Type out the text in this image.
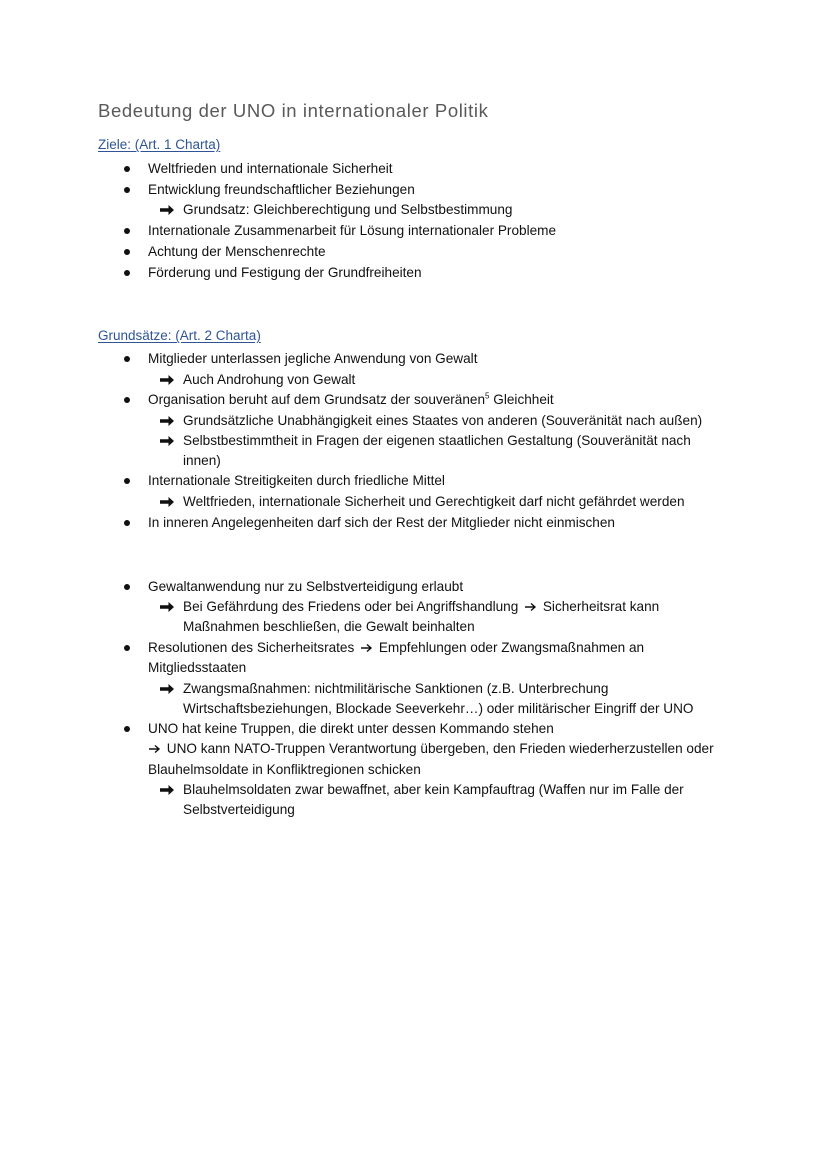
Bedeutung der UNO in internationaler Politik
Ziele: (Art. 1 Charta)

Weltfrieden und internationale Sicherheit

Entwicklung freundschaftlicher Beziehungen

Grundsatz: Gleichberechtigung und Selbstbestimmung

Internationale Zusammenarbeit für Lösung internationaler Probleme

Achtung der Menschenrechte

Förderung und Festigung der Grundfreiheiten

Grundsätze: (Art. 2 Charta)

Mitglieder unterlassen jegliche Anwendung von Gewalt

Auch Androhung von Gewalt

Organisation beruht auf dem Grundsatz der souveränen$^5$ Gleichheit

Grundsätzliche Unabhängigkeit eines Staates von anderen (Souveränität nach außen)

Selbstbestimmtheit in Fragen der eigenen staatlichen Gestaltung (Souveränität nach

innen)

Internationale Streitigkeiten durch friedliche Mittel

Weltfrieden, internationale Sicherheit und Gerechtigkeit darf nicht gefährdet werden

In inneren Angelegenheiten darf sich der Rest der Mitglieder nicht einmischen

Gewaltanwendung nur zu Selbstverteidigung erlaubt

Bei Gefährdung des Friedens oder bei Angriffshandlung Sicherheitsrat kann

Maßnahmen beschließen, die Gewalt beinhalten

Resolutionen des Sicherheitsrates Empfehlungen oder Zwangsmaßnahmen an

Mitgliedsstaaten

Zwangsmaßnahmen: nichtmilitärische Sanktionen (z.B. Unterbrechung

Wirtschaftsbeziehungen, Blockade Seeverkehr…) oder militärischer Eingriff der UNO

UNO hat keine Truppen, die direkt unter dessen Kommando stehen

UNO kann NATO-Truppen Verantwortung übergeben, den Frieden wiederherzustellen oder

Blauhelmsoldate in Konfliktregionen schicken

Blauhelmsoldaten zwar bewaffnet, aber kein Kampfauftrag (Waffen nur im Falle der

Selbstverteidigung
